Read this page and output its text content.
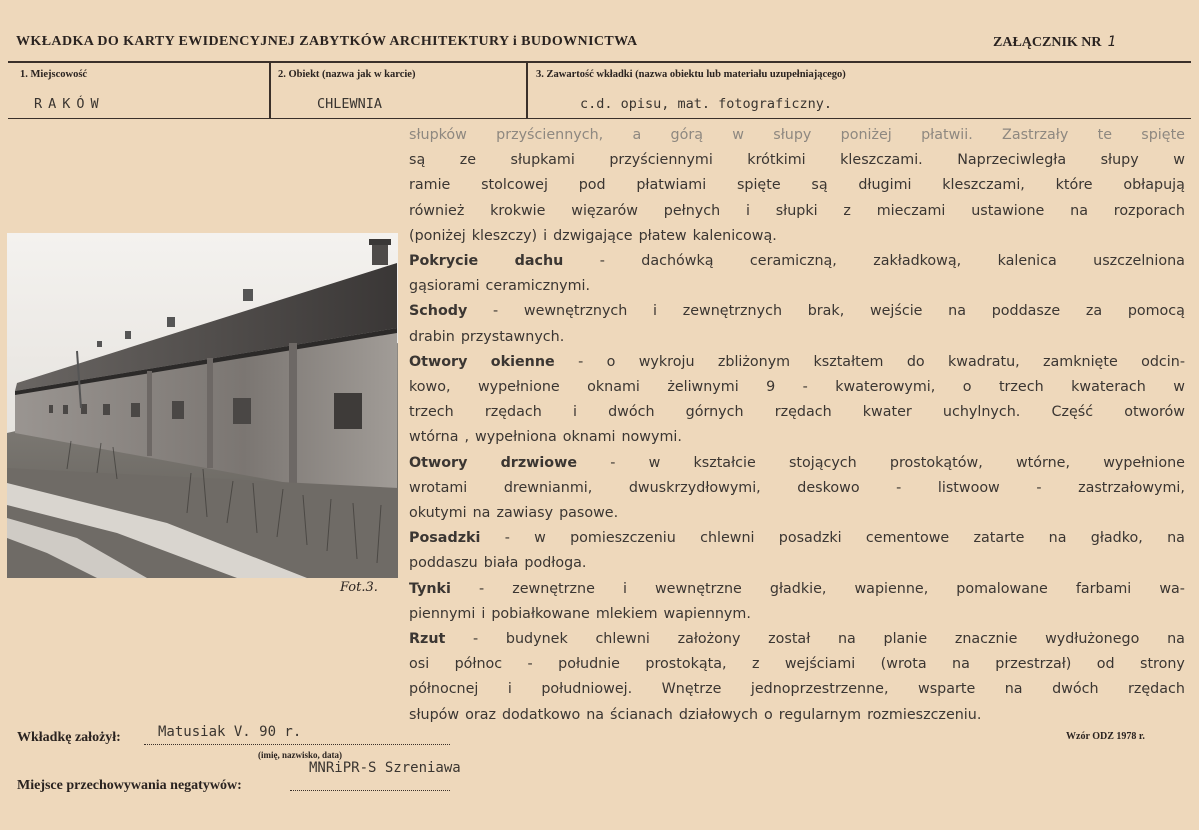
WKŁADKA DO KARTY EWIDENCYJNEJ ZABYTKÓW ARCHITEKTURY i BUDOWNICTWA	ZAŁĄCZNIK NR 1
1. Miejscowość
RAKÓW
2. Obiekt (nazwa jak w karcie)
CHLEWNIA
3. Zawartość wkładki (nazwa obiektu lub materiału uzupełniającego)
c.d. opisu, mat. fotograficzny.
słupków przyściennych, a górą w słupy poniżej płatwii. Zastrzały te spięte
są ze słupkami przyściennymi krótkimi kleszczami. Naprzeciwległa słupy w
ramie stolcowej pod płatwiami spięte są długimi kleszczami, które obłapują
również krokwie więzarów pełnych i słupki z mieczami ustawione na rozporach
(poniżej kleszczy) i dzwigające płatew kalenicową.
Pokrycie	dachu	-	dachówką	ceramiczną,	zakładkową,	kalenica	uszczelniona
gąsiorami ceramicznymi.
Schody - wewnętrznych i zewnętrznych brak, wejście na poddasze za pomocą
drabin przystawnych.
Otwory okienne - o wykroju zbliżonym kształtem do kwadratu, zamknięte odcin-
kowo, wypełnione oknami żeliwnymi 9 - kwaterowymi, o trzech kwaterach w
trzech rzędach i dwóch górnych rzędach kwater uchylnych. Część otworów
wtórna , wypełniona oknami nowymi.
Otwory drzwiowe - w kształcie stojących prostokątów, wtórne, wypełnione
wrotami	drewnianmi,	dwuskrzydłowymi,	deskowo	-	listwoow	-	zastrzałowymi,
okutymi na zawiasy pasowe.
Posadzki - w pomieszczeniu chlewni posadzki cementowe zatarte na gładko, na
poddaszu biała podłoga.
Tynki - zewnętrzne i wewnętrzne gładkie, wapienne, pomalowane farbami wa-
piennymi i pobiałkowane mlekiem wapiennym.
Rzut - budynek chlewni założony został na planie znacznie wydłużonego na
osi północ - południe prostokąta, z wejściami (wrota na przestrzał) od strony
północnej i południowej. Wnętrze jednoprzestrzenne, wsparte na dwóch rzędach
słupów oraz dodatkowo na ścianach działowych o regularnym rozmieszczeniu.
Fot.3.
Wkładkę założył:	Matusiak V. 90 r.
(imię, nazwisko, data)
Wzór ODZ 1978 r.
Miejsce przechowywania negatywów:
MNRiPR-S Szreniawa
